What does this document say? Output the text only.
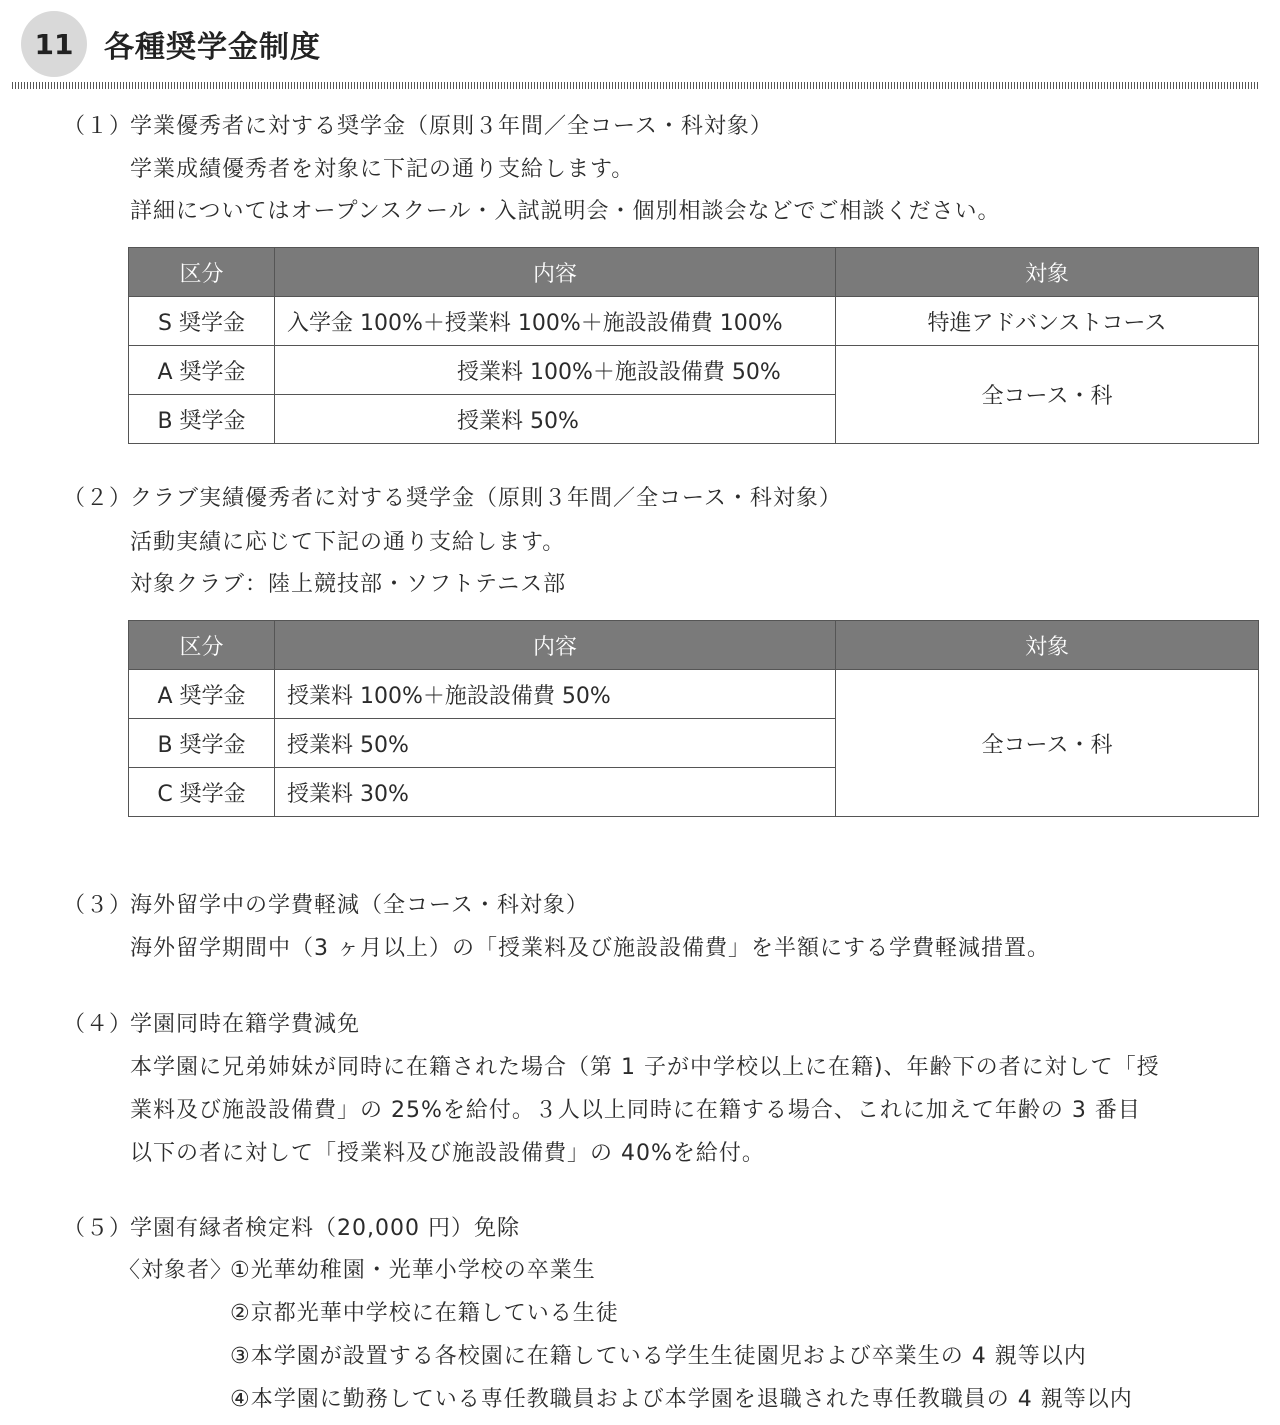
11	各種奨学金制度
（１）
学業優秀者に対する奨学金（原則３年間／全コース・科対象）
学業成績優秀者を対象に下記の通り支給します。
詳細についてはオープンスクール・入試説明会・個別相談会などでご相談ください。
区分	内容	対象
S 奨学金	入学金 100%＋授業料 100%＋施設設備費 100%	特進アドバンストコース
A 奨学金	授業料 100%＋施設設備費 50%	全コース・科
B 奨学金	授業料 50%	
（２）
クラブ実績優秀者に対する奨学金（原則３年間／全コース・科対象）
活動実績に応じて下記の通り支給します。
対象クラブ：陸上競技部・ソフトテニス部
区分	内容	対象
A 奨学金	授業料 100%＋施設設備費 50%	全コース・科
B 奨学金	授業料 50%	
C 奨学金	授業料 30%	
（３）
海外留学中の学費軽減（全コース・科対象）
海外留学期間中（3 ヶ月以上）の「授業料及び施設設備費」を半額にする学費軽減措置。
（４）
学園同時在籍学費減免
本学園に兄弟姉妹が同時に在籍された場合（第 1 子が中学校以上に在籍)、年齢下の者に対して「授
業料及び施設設備費」の 25%を給付。３人以上同時に在籍する場合、これに加えて年齢の 3 番目
以下の者に対して「授業料及び施設設備費」の 40%を給付。
（５）
学園有縁者検定料（20,000 円）免除
〈対象者〉
①光華幼稚園・光華小学校の卒業生
②京都光華中学校に在籍している生徒
③本学園が設置する各校園に在籍している学生生徒園児および卒業生の 4 親等以内
④本学園に勤務している専任教職員および本学園を退職された専任教職員の 4 親等以内
